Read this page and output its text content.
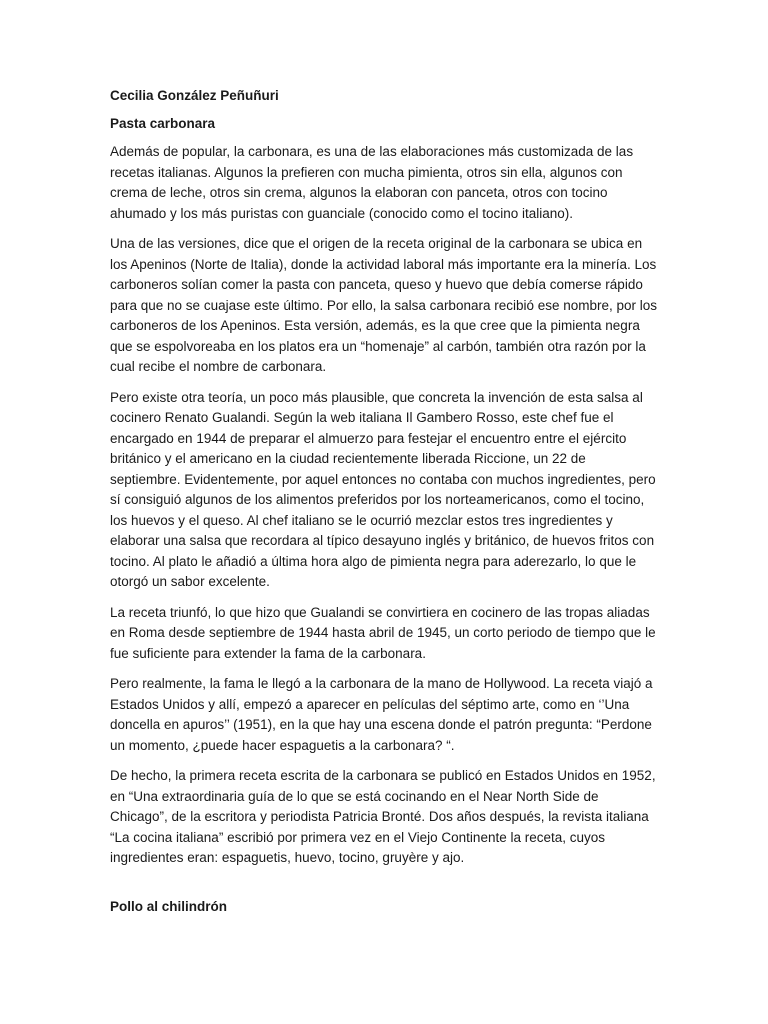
Cecilia González Peñuñuri

Pasta carbonara

Además de popular, la carbonara, es una de las elaboraciones más customizada de las recetas italianas. Algunos la prefieren con mucha pimienta, otros sin ella, algunos con crema de leche, otros sin crema, algunos la elaboran con panceta, otros con tocino ahumado y los más puristas con guanciale (conocido como el tocino italiano).

Una de las versiones, dice que el origen de la receta original de la carbonara se ubica en los Apeninos (Norte de Italia), donde la actividad laboral más importante era la minería. Los carboneros solían comer la pasta con panceta, queso y huevo que debía comerse rápido para que no se cuajase este último. Por ello, la salsa carbonara recibió ese nombre, por los carboneros de los Apeninos. Esta versión, además, es la que cree que la pimienta negra que se espolvoreaba en los platos era un “homenaje” al carbón, también otra razón por la cual recibe el nombre de carbonara.

Pero existe otra teoría, un poco más plausible, que concreta la invención de esta salsa al cocinero Renato Gualandi. Según la web italiana Il Gambero Rosso, este chef fue el encargado en 1944 de preparar el almuerzo para festejar el encuentro entre el ejército británico y el americano en la ciudad recientemente liberada Riccione, un 22 de septiembre. Evidentemente, por aquel entonces no contaba con muchos ingredientes, pero sí consiguió algunos de los alimentos preferidos por los norteamericanos, como el tocino, los huevos y el queso. Al chef italiano se le ocurrió mezclar estos tres ingredientes y elaborar una salsa que recordara al típico desayuno inglés y británico, de huevos fritos con tocino. Al plato le añadió a última hora algo de pimienta negra para aderezarlo, lo que le otorgó un sabor excelente.

La receta triunfó, lo que hizo que Gualandi se convirtiera en cocinero de las tropas aliadas en Roma desde septiembre de 1944 hasta abril de 1945, un corto periodo de tiempo que le fue suficiente para extender la fama de la carbonara.

Pero realmente, la fama le llegó a la carbonara de la mano de Hollywood. La receta viajó a Estados Unidos y allí, empezó a aparecer en películas del séptimo arte, como en ‘’Una doncella en apuros’’ (1951), en la que hay una escena donde el patrón pregunta: “Perdone un momento, ¿puede hacer espaguetis a la carbonara? “.

De hecho, la primera receta escrita de la carbonara se publicó en Estados Unidos en 1952, en “Una extraordinaria guía de lo que se está cocinando en el Near North Side de Chicago”, de la escritora y periodista Patricia Bronté. Dos años después, la revista italiana “La cocina italiana” escribió por primera vez en el Viejo Continente la receta, cuyos ingredientes eran: espaguetis, huevo, tocino, gruyère y ajo.

Pollo al chilindrón
